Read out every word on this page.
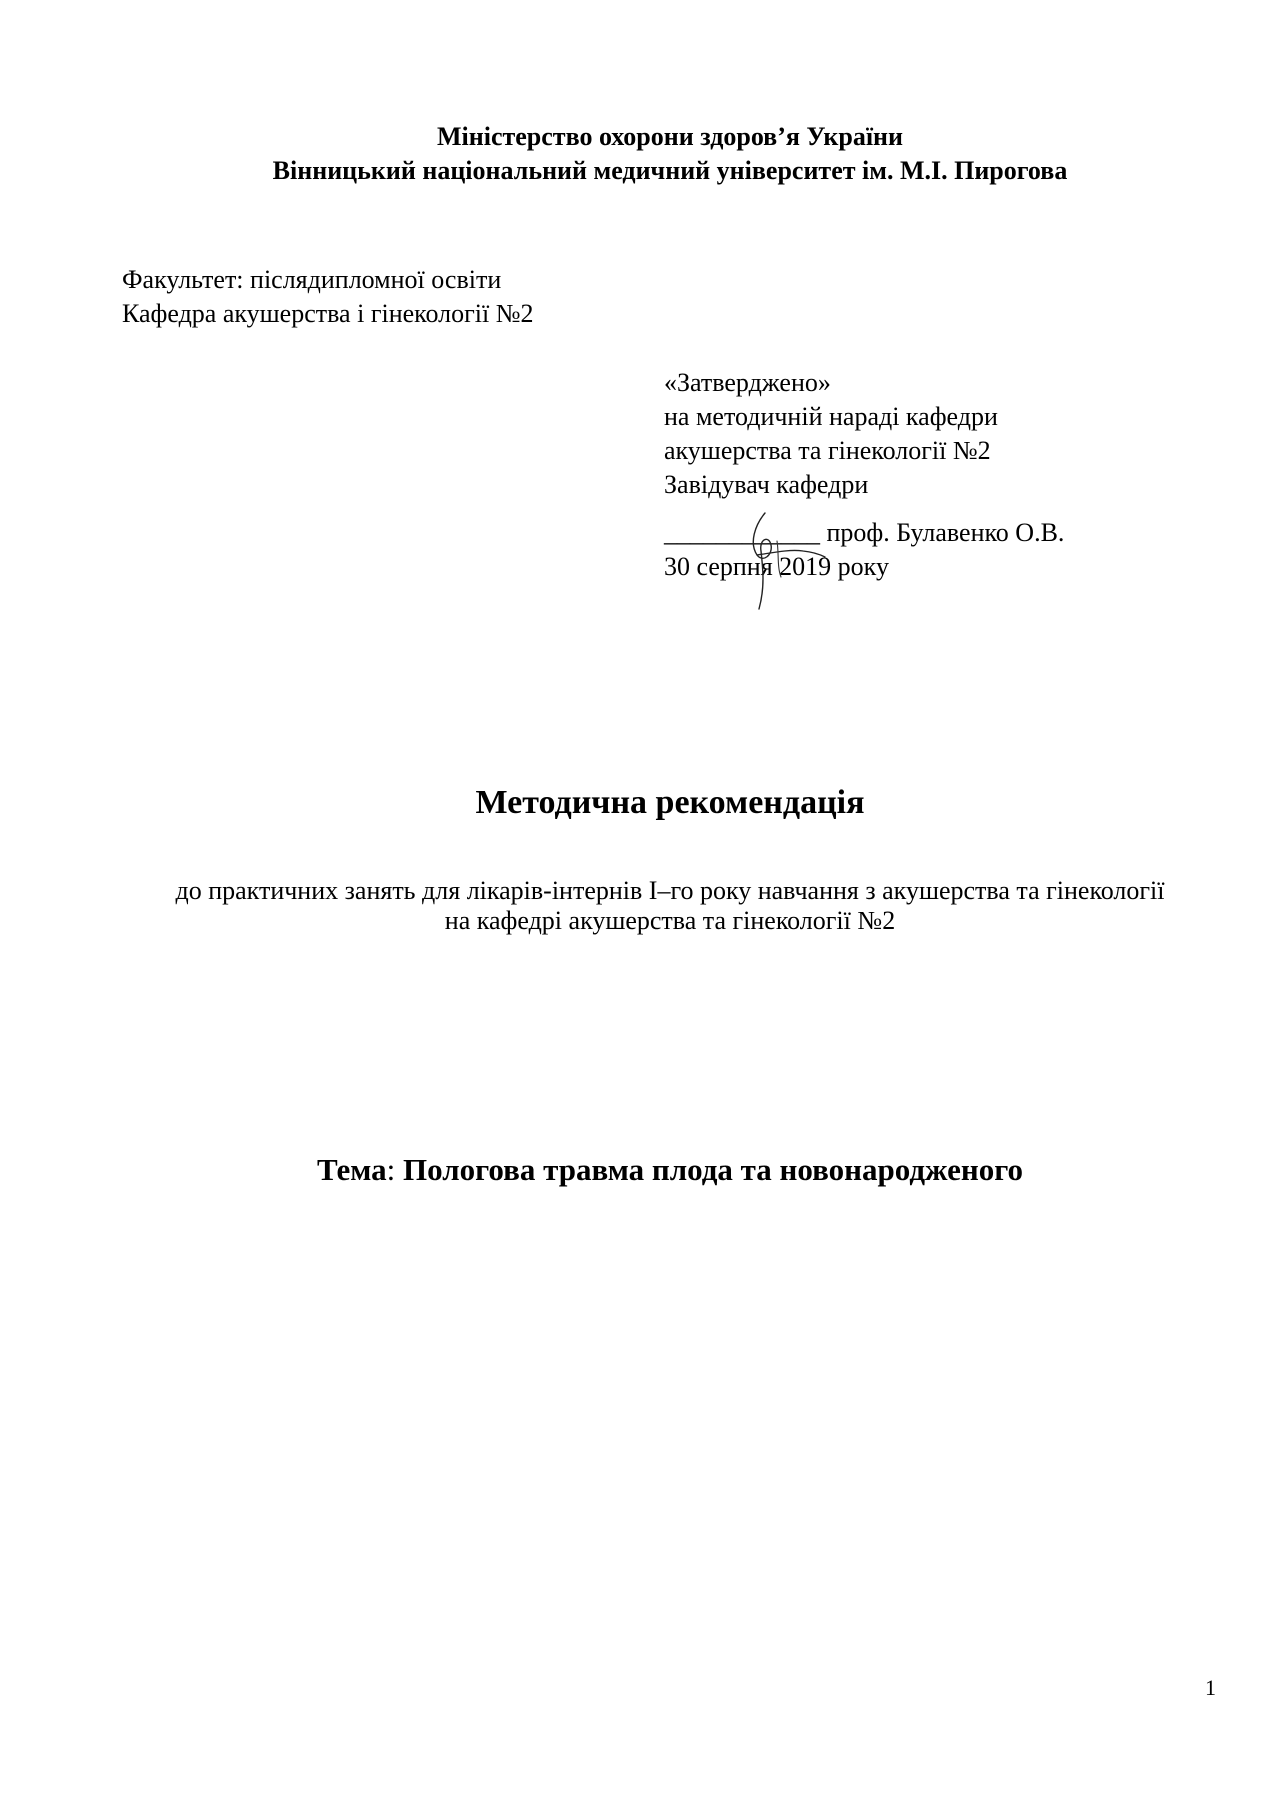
Міністерство охорони здоров’я України
Вінницький національний медичний університет ім. М.І. Пирогова
Факультет: післядипломної освіти
Кафедра акушерства і гінекології №2
«Затверджено»
на методичній нараді кафедри
акушерства та гінекології №2
Завідувач кафедри
____________ проф. Булавенко О.В.
30 серпня 2019 року
Методична рекомендація
до практичних занять для лікарів-інтернів I–го року навчання з акушерства та гінекології
на кафедрі акушерства та гінекології №2
Тема: Пологова травма плода та новонародженого
1
